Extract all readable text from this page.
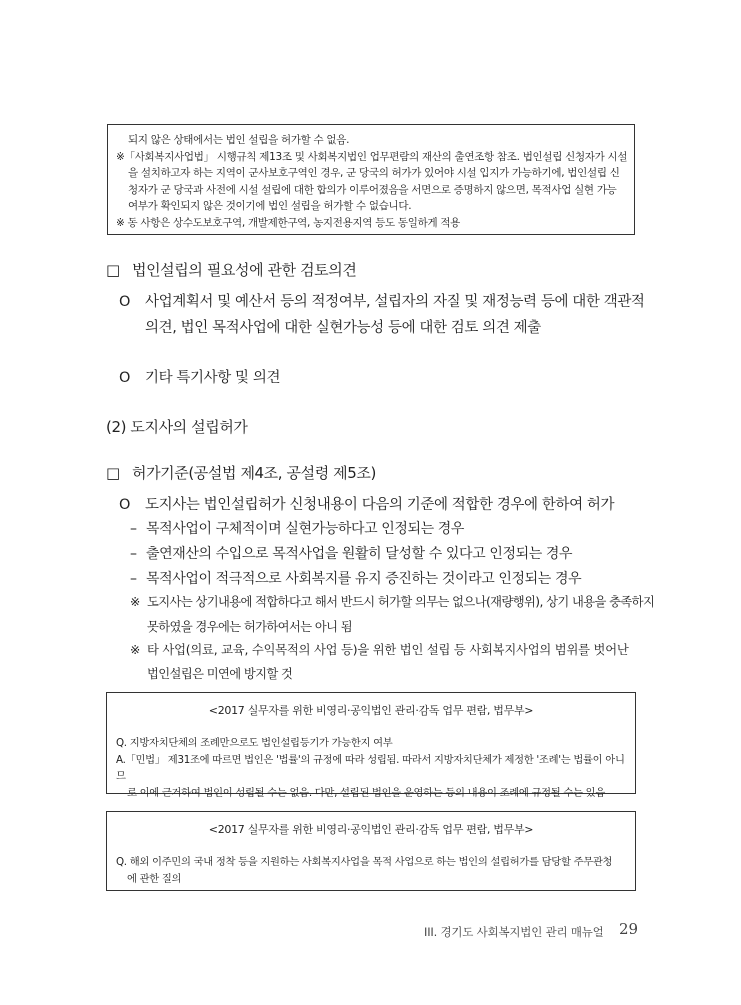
되지 않은 상태에서는 법인 설립을 허가할 수 없음.
※「사회복지사업법」 시행규칙 제13조 및 사회복지법인 업무편람의 재산의 출연조항 참조. 법인설립 신청자가 시설
을 설치하고자 하는 지역이 군사보호구역인 경우, 군 당국의 허가가 있어야 시설 입지가 가능하기에, 법인설립 신
청자가 군 당국과 사전에 시설 설립에 대한 합의가 이루어졌음을 서면으로 증명하지 않으면, 목적사업 실현 가능
여부가 확인되지 않은 것이기에 법인 설립을 허가할 수 없습니다.
※ 동 사항은 상수도보호구역, 개발제한구역, 농지전용지역 등도 동일하게 적용
□ 법인설립의 필요성에 관한 검토의견
O 사업계획서 및 예산서 등의 적정여부, 설립자의 자질 및 재정능력 등에 대한 객관적
의견, 법인 목적사업에 대한 실현가능성 등에 대한 검토 의견 제출
O 기타 특기사항 및 의견
(2) 도지사의 설립허가
□ 허가기준(공설법 제4조, 공설령 제5조)
O 도지사는 법인설립허가 신청내용이 다음의 기준에 적합한 경우에 한하여 허가
– 목적사업이 구체적이며 실현가능하다고 인정되는 경우
– 출연재산의 수입으로 목적사업을 원활히 달성할 수 있다고 인정되는 경우
– 목적사업이 적극적으로 사회복지를 유지 증진하는 것이라고 인정되는 경우
※ 도지사는 상기내용에 적합하다고 해서 반드시 허가할 의무는 없으나(재량행위), 상기 내용을 충족하지
못하였을 경우에는 허가하여서는 아니 됨
※ 타 사업(의료, 교육, 수익목적의 사업 등)을 위한 법인 설립 등 사회복지사업의 범위를 벗어난
법인설립은 미연에 방지할 것
<2017 실무자를 위한 비영리·공익법인 관리·감독 업무 편람, 법무부>
Q. 지방자치단체의 조례만으로도 법인설립등기가 가능한지 여부
A.「민법」 제31조에 따르면 법인은 '법률'의 규정에 따라 성립됨. 따라서 지방자치단체가 제정한 '조례'는 법률이 아니므
로 이에 근거하여 법인이 성립될 수는 없음. 다만, 설립된 법인을 운영하는 등의 내용이 조례에 규정될 수는 있음
<2017 실무자를 위한 비영리·공익법인 관리·감독 업무 편람, 법무부>
Q. 해외 이주민의 국내 정착 등을 지원하는 사회복지사업을 목적 사업으로 하는 법인의 설립허가를 담당할 주무관청
에 관한 질의
III. 경기도 사회복지법인 관리 매뉴얼 29
